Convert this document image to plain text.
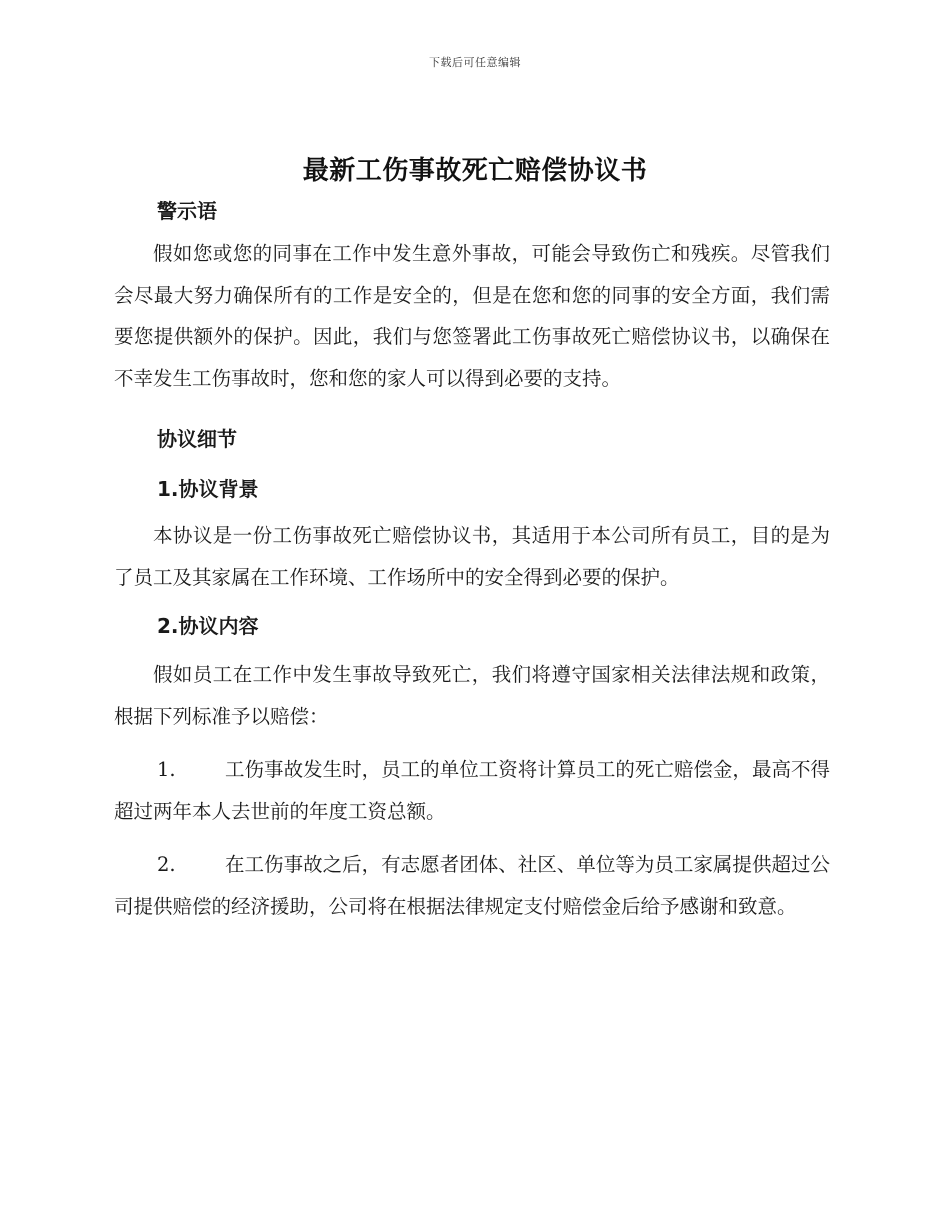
下载后可任意编辑
最新工伤事故死亡赔偿协议书
警示语

假如您或您的同事在工作中发生意外事故，可能会导致伤亡和残疾。尽管我们会尽最大努力确保所有的工作是安全的，但是在您和您的同事的安全方面，我们需要您提供额外的保护。因此，我们与您签署此工伤事故死亡赔偿协议书，以确保在不幸发生工伤事故时，您和您的家人可以得到必要的支持。

协议细节
1.协议背景

本协议是一份工伤事故死亡赔偿协议书，其适用于本公司所有员工，目的是为了员工及其家属在工作环境、工作场所中的安全得到必要的保护。

2.协议内容

假如员工在工作中发生事故导致死亡，我们将遵守国家相关法律法规和政策，根据下列标准予以赔偿：

1.	工伤事故发生时，员工的单位工资将计算员工的死亡赔偿金，最高不得超过两年本人去世前的年度工资总额。

2.	在工伤事故之后，有志愿者团体、社区、单位等为员工家属提供超过公司提供赔偿的经济援助，公司将在根据法律规定支付赔偿金后给予感谢和致意。
